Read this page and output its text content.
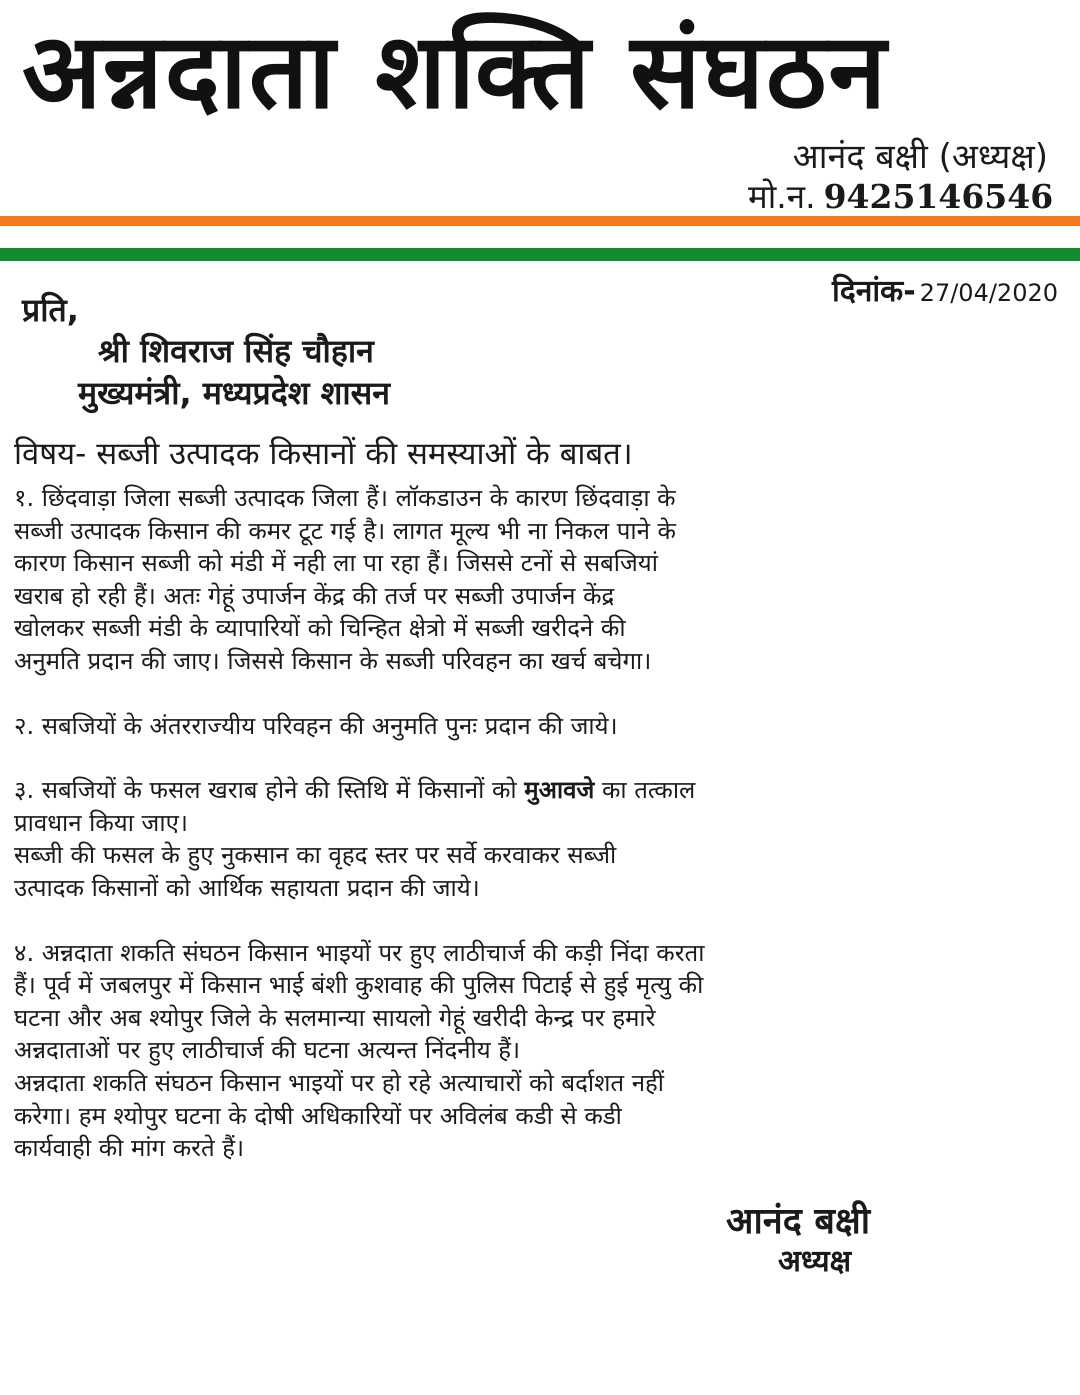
अन्नदाता शक्ति संघठन
आनंद बक्षी (अध्यक्ष)
मो.न. 9425146546
दिनांक- 27/04/2020
प्रति,
श्री शिवराज सिंह चौहान
मुख्यमंत्री, मध्यप्रदेश शासन
विषय- सब्जी उत्पादक किसानों की समस्याओं के बाबत।

१. छिंदवाड़ा जिला सब्जी उत्पादक जिला हैं। लॉकडाउन के कारण छिंदवाड़ा के

सब्जी उत्पादक किसान की कमर टूट गई है। लागत मूल्य भी ना निकल पाने के

कारण किसान सब्जी को मंडी में नही ला पा रहा हैं। जिससे टनों से सबजियां

खराब हो रही हैं। अतः गेहूं उपार्जन केंद्र की तर्ज पर सब्जी उपार्जन केंद्र

खोलकर सब्जी मंडी के व्यापारियों को चिन्हित क्षेत्रो में सब्जी खरीदने की

अनुमति प्रदान की जाए। जिससे किसान के सब्जी परिवहन का खर्च बचेगा।

२. सबजियों के अंतरराज्यीय परिवहन की अनुमति पुनः प्रदान की जाये।

३. सबजियों के फसल खराब होने की स्तिथि में किसानों को मुआवजे का तत्काल

प्रावधान किया जाए।

सब्जी की फसल के हुए नुकसान का वृहद स्तर पर सर्वे करवाकर सब्जी

उत्पादक किसानों को आर्थिक सहायता प्रदान की जाये।

४. अन्नदाता शकति संघठन किसान भाइयों पर हुए लाठीचार्ज की कड़ी निंदा करता

हैं। पूर्व में जबलपुर में किसान भाई बंशी कुशवाह की पुलिस पिटाई से हुई मृत्यु की

घटना और अब श्योपुर जिले के सलमान्या सायलो गेहूं खरीदी केन्द्र पर हमारे

अन्नदाताओं पर हुए लाठीचार्ज की घटना अत्यन्त निंदनीय हैं।

अन्नदाता शकति संघठन किसान भाइयों पर हो रहे अत्याचारों को बर्दाशत नहीं

करेगा। हम श्योपुर घटना के दोषी अधिकारियों पर अविलंब कडी से कडी

कार्यवाही की मांग करते हैं।

आनंद बक्षी
अध्यक्ष
